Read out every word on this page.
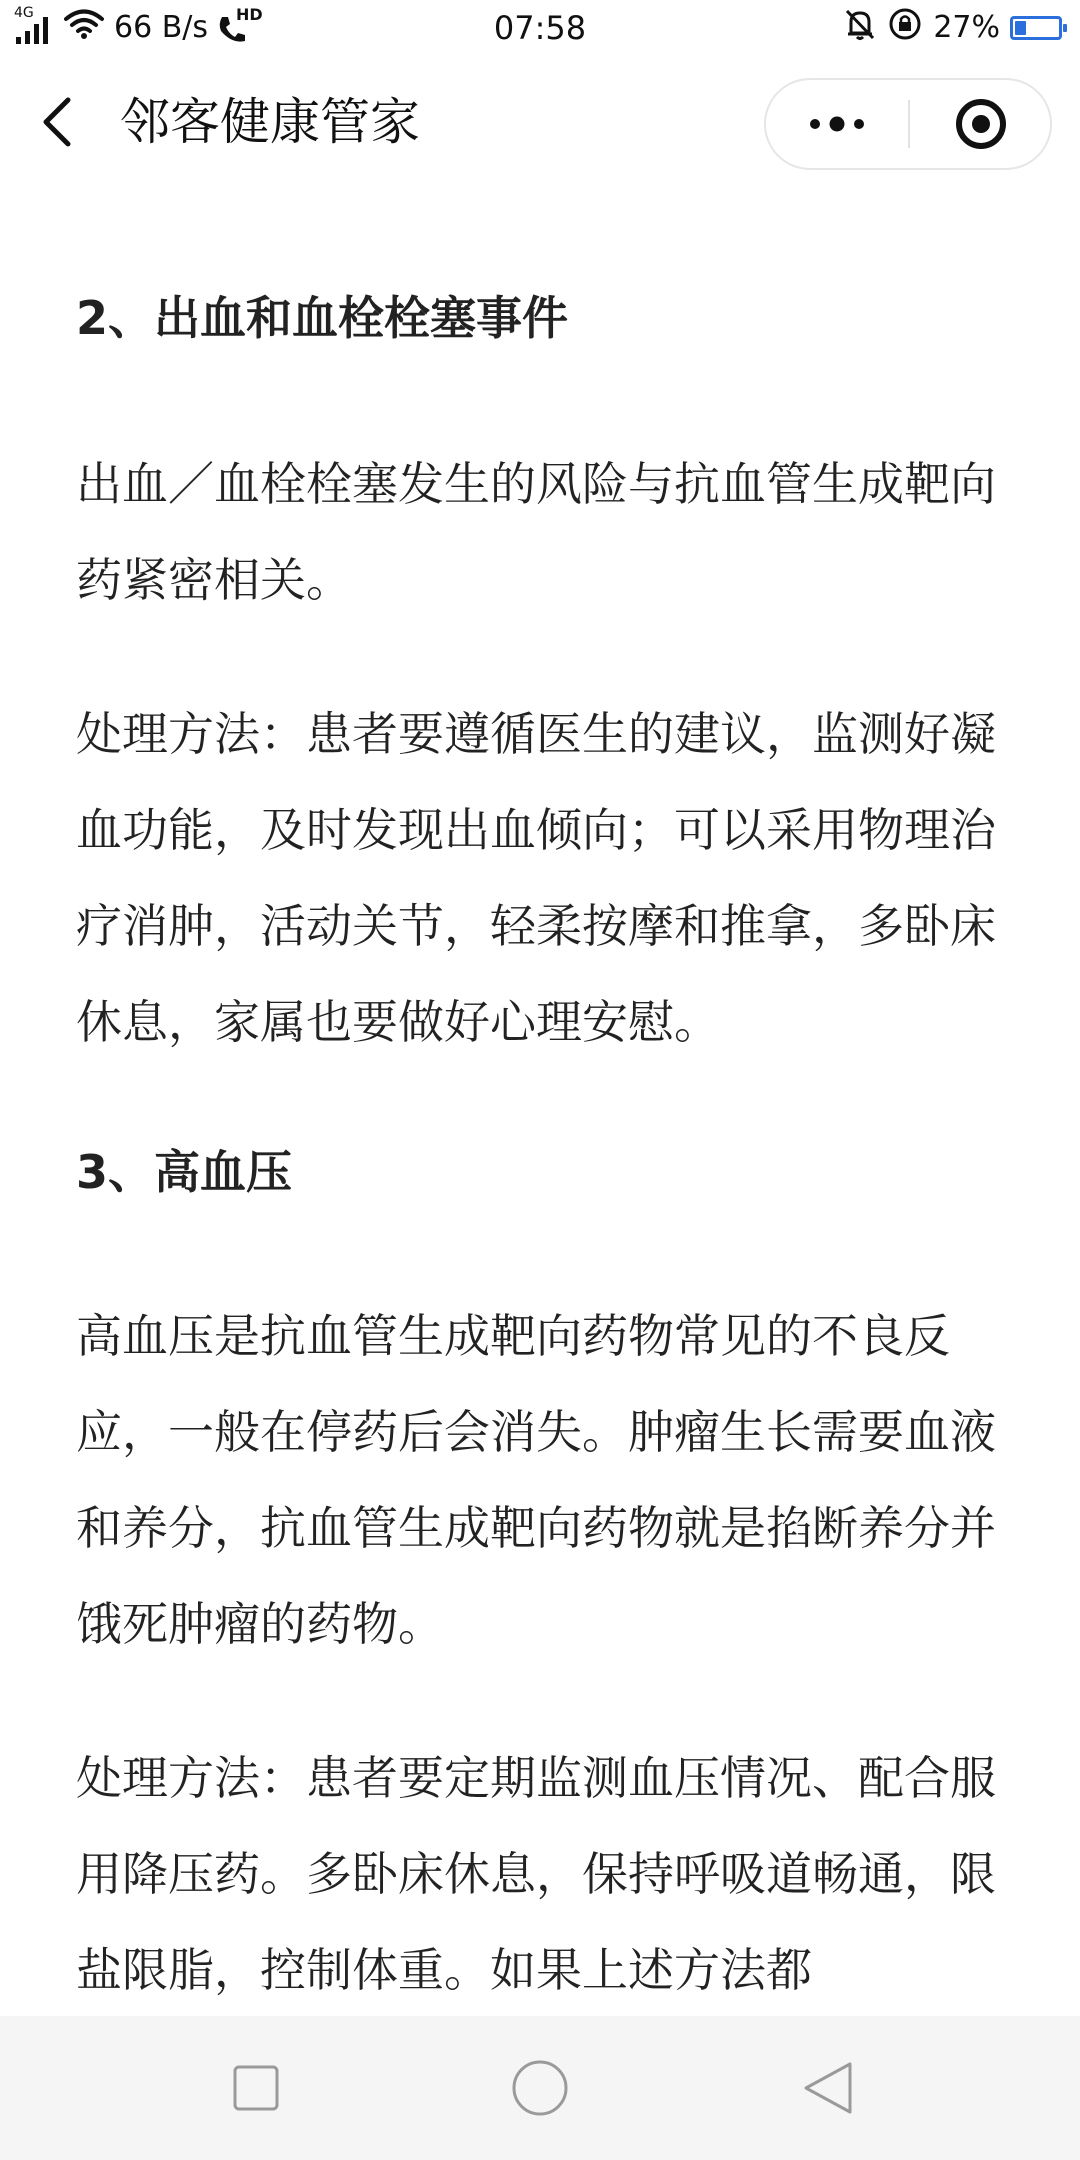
4G	66 B/s HD	07:58	27%
邻客健康管家
2、出血和血栓栓塞事件

出血／血栓栓塞发生的风险与抗血管生成靶向药紧密相关。

处理方法：患者要遵循医生的建议，监测好凝血功能，及时发现出血倾向；可以采用物理治疗消肿，活动关节，轻柔按摩和推拿，多卧床休息，家属也要做好心理安慰。

3、高血压

高血压是抗血管生成靶向药物常见的不良反应，一般在停药后会消失。肿瘤生长需要血液和养分，抗血管生成靶向药物就是掐断养分并饿死肿瘤的药物。

处理方法：患者要定期监测血压情况、配合服用降压药。多卧床休息，保持呼吸道畅通，限盐限脂，控制体重。如果上述方法都
